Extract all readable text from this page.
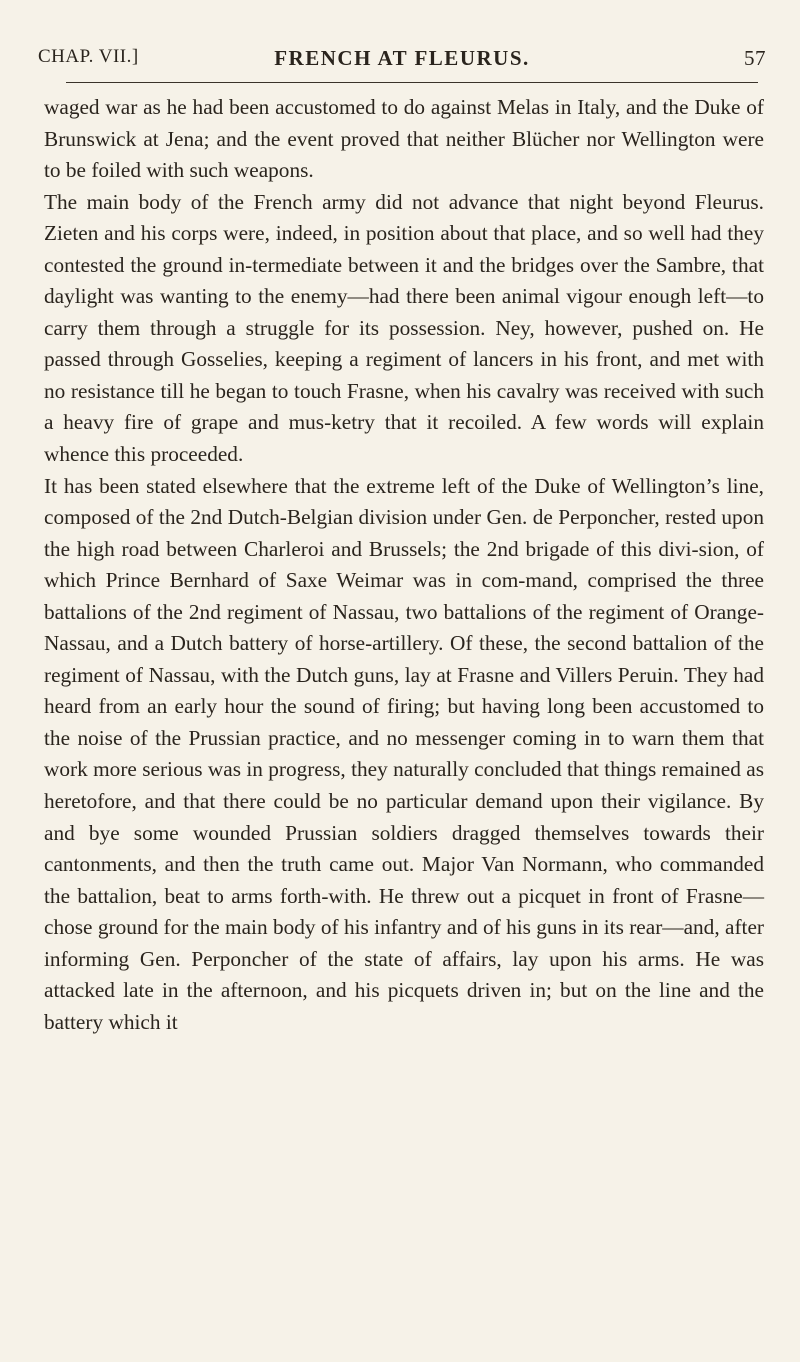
CHAP. VII.]	FRENCH AT FLEURUS.	57

waged war as he had been accustomed to do against Melas in Italy, and the Duke of Brunswick at Jena; and the event proved that neither Blücher nor Wellington were to be foiled with such weapons.

The main body of the French army did not advance that night beyond Fleurus. Zieten and his corps were, indeed, in position about that place, and so well had they contested the ground in-termediate between it and the bridges over the Sambre, that daylight was wanting to the enemy—had there been animal vigour enough left—to carry them through a struggle for its possession. Ney, however, pushed on. He passed through Gosselies, keeping a regiment of lancers in his front, and met with no resistance till he began to touch Frasne, when his cavalry was received with such a heavy fire of grape and mus-ketry that it recoiled. A few words will explain whence this proceeded.

It has been stated elsewhere that the extreme left of the Duke of Wellington’s line, composed of the 2nd Dutch-Belgian division under Gen. de Perponcher, rested upon the high road between Charleroi and Brussels; the 2nd brigade of this divi-sion, of which Prince Bernhard of Saxe Weimar was in com-mand, comprised the three battalions of the 2nd regiment of Nassau, two battalions of the regiment of Orange-Nassau, and a Dutch battery of horse-artillery. Of these, the second battalion of the regiment of Nassau, with the Dutch guns, lay at Frasne and Villers Peruin. They had heard from an early hour the sound of firing; but having long been accustomed to the noise of the Prussian practice, and no messenger coming in to warn them that work more serious was in progress, they naturally concluded that things remained as heretofore, and that there could be no particular demand upon their vigilance. By and bye some wounded Prussian soldiers dragged themselves towards their cantonments, and then the truth came out. Major Van Normann, who commanded the battalion, beat to arms forth-with. He threw out a picquet in front of Frasne—chose ground for the main body of his infantry and of his guns in its rear—and, after informing Gen. Perponcher of the state of affairs, lay upon his arms. He was attacked late in the afternoon, and his picquets driven in; but on the line and the battery which it
